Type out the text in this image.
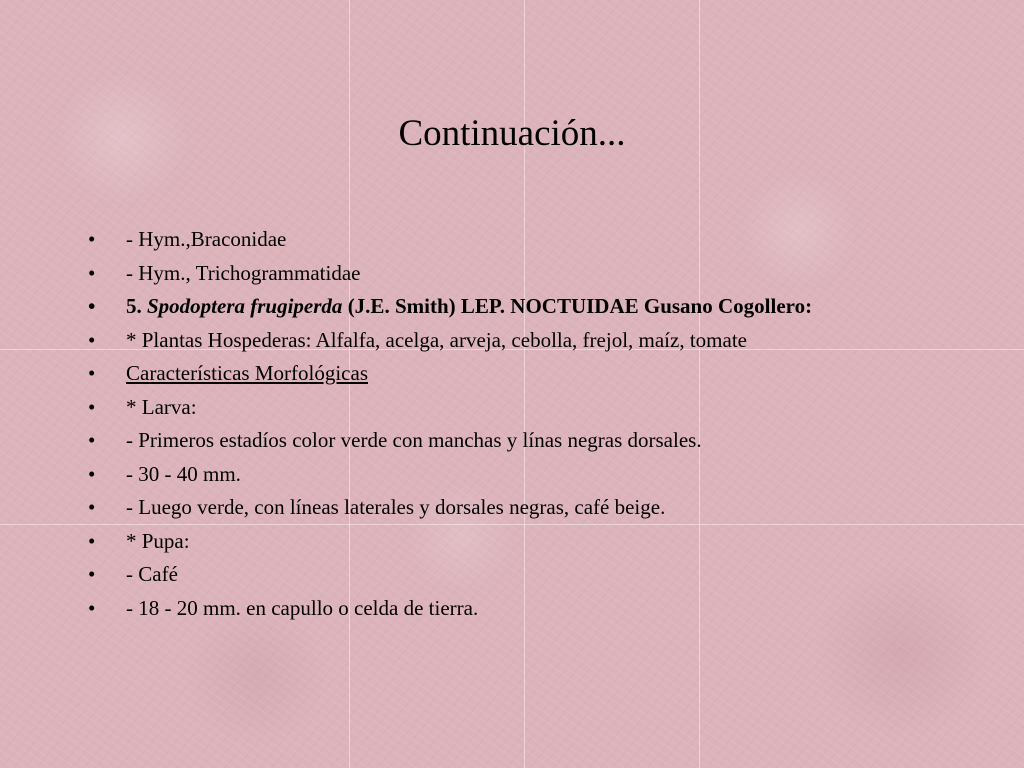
Continuación...
• - Hym.,Braconidae
• - Hym., Trichogrammatidae
• 5. Spodoptera frugiperda (J.E. Smith) LEP. NOCTUIDAE Gusano Cogollero:
• * Plantas Hospederas: Alfalfa, acelga, arveja, cebolla, frejol, maíz, tomate
• Características Morfológicas
• * Larva:
• - Primeros estadíos color verde con manchas y línas negras dorsales.
• - 30 - 40 mm.
• - Luego verde, con líneas laterales y dorsales negras, café beige.
• * Pupa:
• - Café
• - 18 - 20 mm. en capullo o celda de tierra.
